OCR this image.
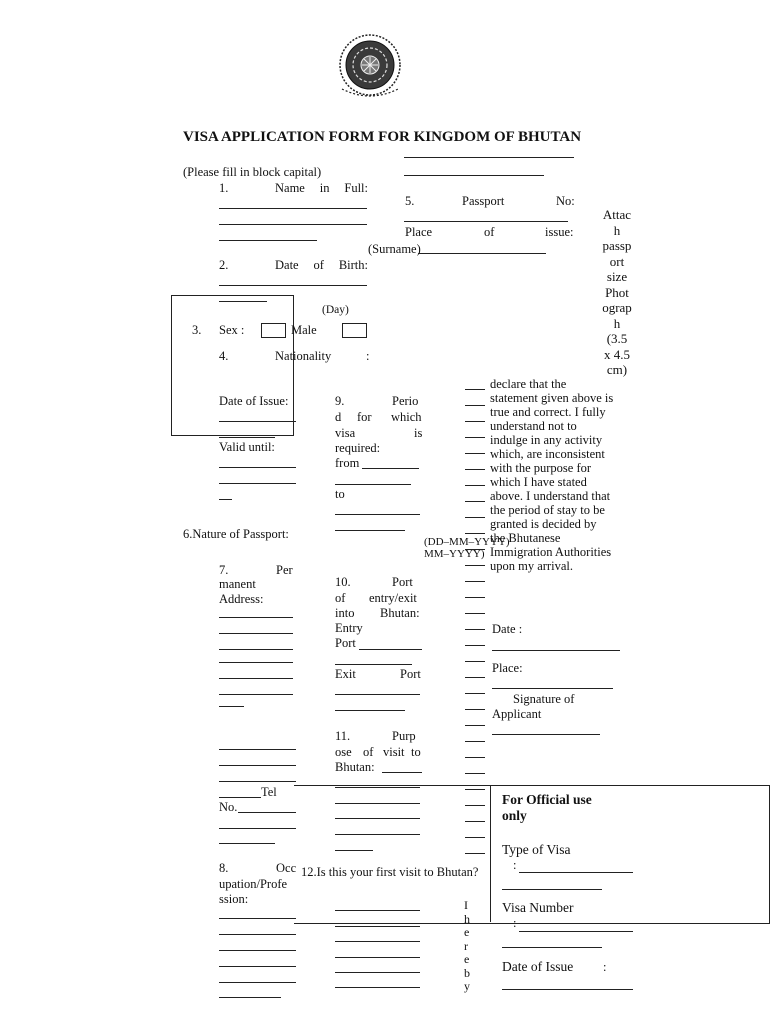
VISA APPLICATION FORM FOR KINGDOM OF BHUTAN
(Please fill in block capital)
1.	Name in Full:
5.	Passport	No:
Place	of	issue:
(Surname)
Attac
h
passp
ort
size
Phot
ograp
h
(3.5
x 4.5
cm)
2.	Date of Birth:
(Day)
3. Sex :	Male
4.	Nationality	:
Date of Issue:
Valid until:
9.	Perio
d for which
visa	is
required:
from
to
(DD–MM–YYYY)
MM–YYYY)
6.Nature of Passport:
declare that the
statement given above is
true and correct. I fully
understand not to
indulge in any activity
which, are inconsistent
with the purpose for
which I have stated
above. I understand that
the period of stay to be
granted is decided by
the Bhutanese
Immigration Authorities
upon my arrival.
7.	Per
manent
Address:
Tel
No.
10.	Port
of entry/exit
into Bhutan:
Entry
Port
Exit	Port
11.	Purp
ose of visit to
Bhutan:
For Official use
only
Type of Visa
:
Visa Number
:
Date of Issue :
Date :
Place:
Signature of
Applicant
12.Is this your first visit to Bhutan?
8.	Occ
upation/Profe
ssion:	I
h
e
r
e
b
y
